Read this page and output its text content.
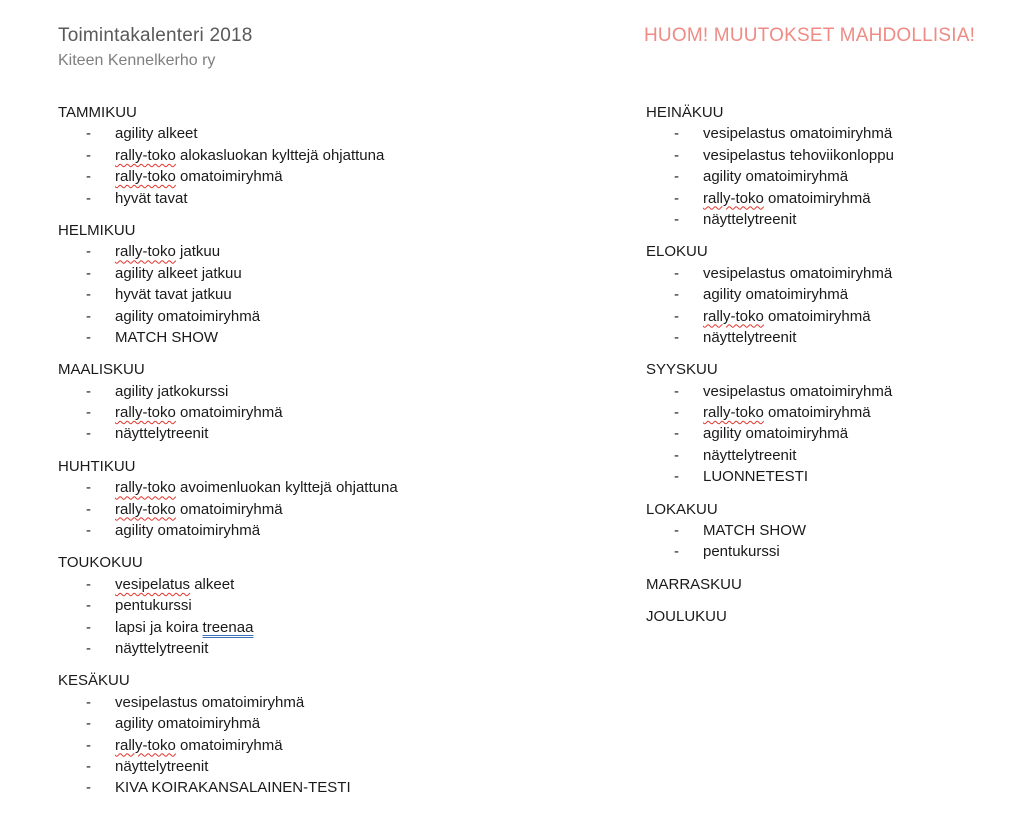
Toimintakalenteri 2018
Kiteen Kennelkerho ry
HUOM! MUUTOKSET MAHDOLLISIA!
TAMMIKUU
- agility alkeet
- rally-toko alokasluokan kylttejä ohjattuna
- rally-toko omatoimiryhmä
- hyvät tavat
HELMIKUU
- rally-toko jatkuu
- agility alkeet jatkuu
- hyvät tavat jatkuu
- agility omatoimiryhmä
- MATCH SHOW
MAALISKUU
- agility jatkokurssi
- rally-toko omatoimiryhmä
- näyttelytreenit
HUHTIKUU
- rally-toko avoimenluokan kylttejä ohjattuna
- rally-toko omatoimiryhmä
- agility omatoimiryhmä
TOUKOKUU
- vesipelatus alkeet
- pentukurssi
- lapsi ja koira treenaa
- näyttelytreenit
KESÄKUU
- vesipelastus omatoimiryhmä
- agility omatoimiryhmä
- rally-toko omatoimiryhmä
- näyttelytreenit
- KIVA KOIRAKANSALAINEN-TESTI
HEINÄKUU
- vesipelastus omatoimiryhmä
- vesipelastus tehoviikonloppu
- agility omatoimiryhmä
- rally-toko omatoimiryhmä
- näyttelytreenit
ELOKUU
- vesipelastus omatoimiryhmä
- agility omatoimiryhmä
- rally-toko omatoimiryhmä
- näyttelytreenit
SYYSKUU
- vesipelastus omatoimiryhmä
- rally-toko omatoimiryhmä
- agility omatoimiryhmä
- näyttelytreenit
- LUONNETESTI
LOKAKUU
- MATCH SHOW
- pentukurssi
MARRASKUU
JOULUKUU
